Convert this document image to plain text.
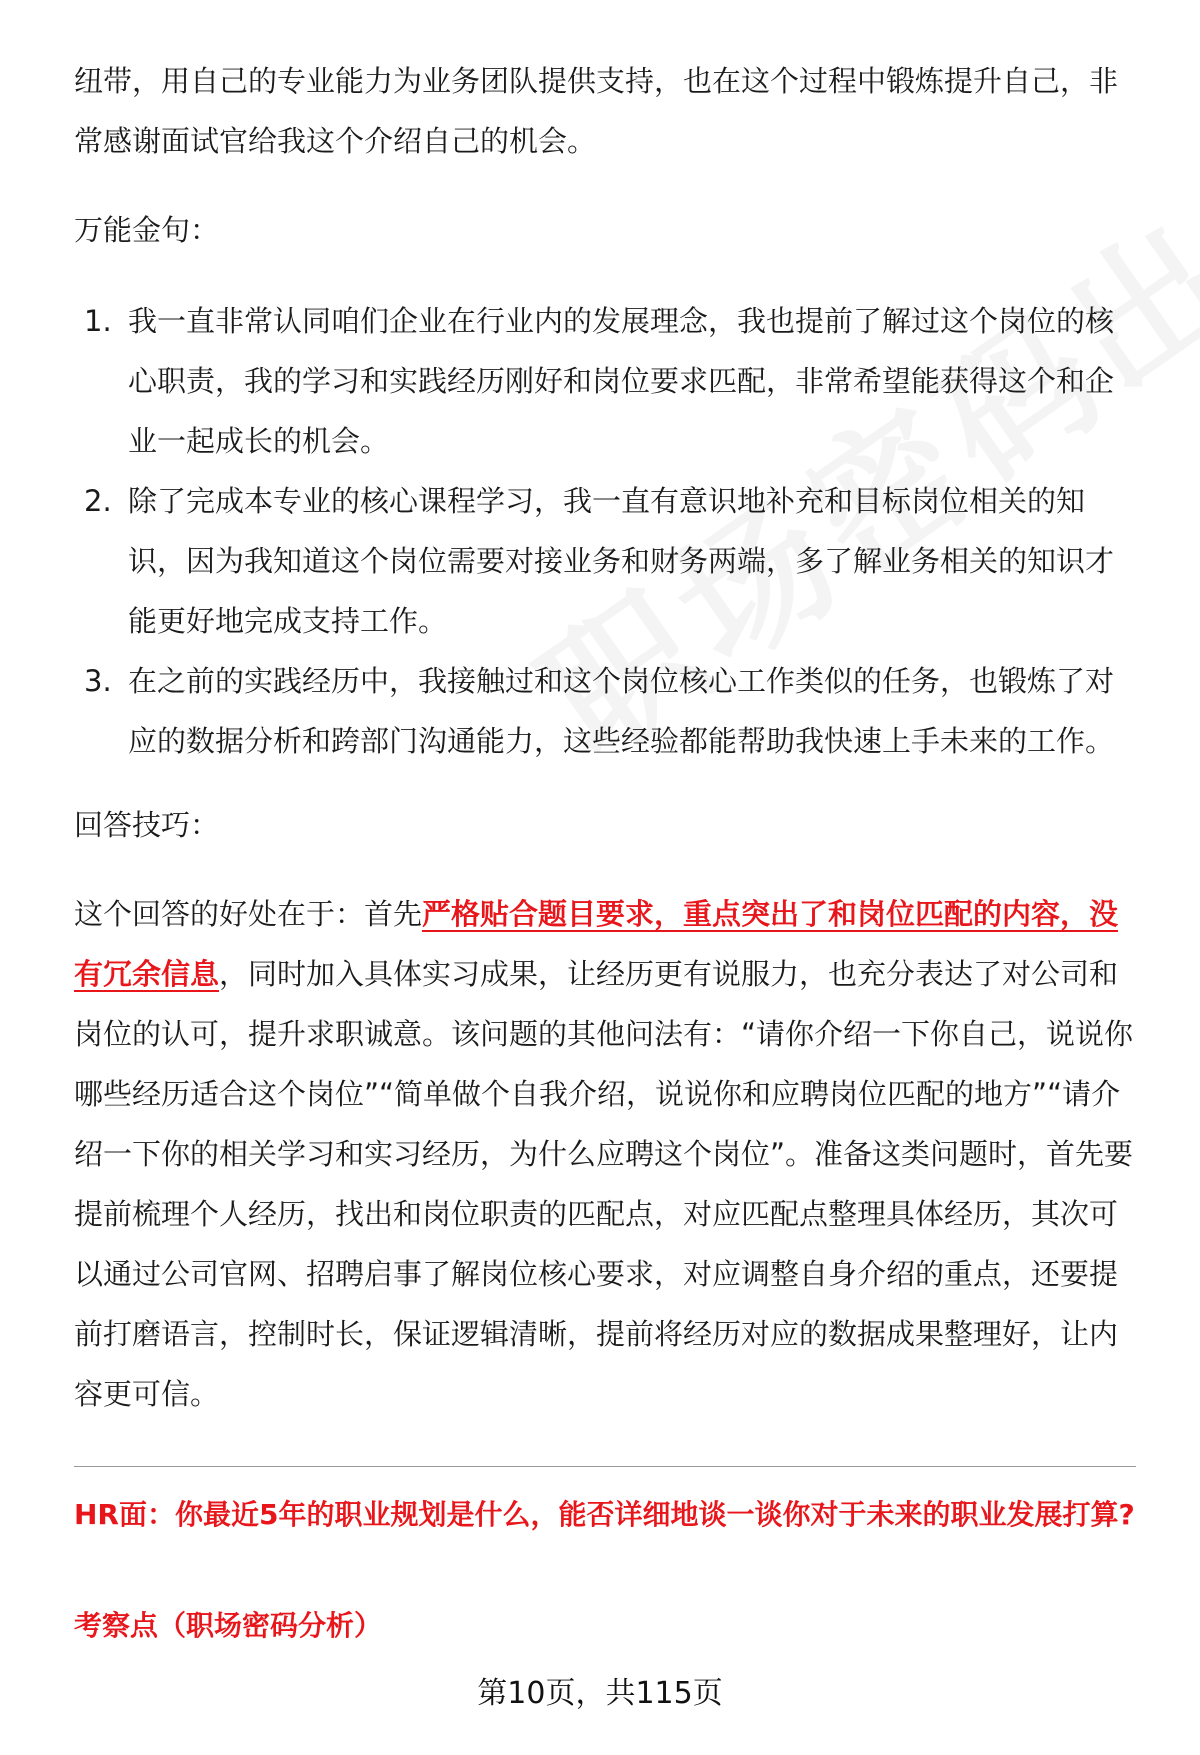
纽带，用自己的专业能力为业务团队提供支持，也在这个过程中锻炼提升自己，非常感谢面试官给我这个介绍自己的机会。

万能金句：

1. 我一直非常认同咱们企业在行业内的发展理念，我也提前了解过这个岗位的核心职责，我的学习和实践经历刚好和岗位要求匹配，非常希望能获得这个和企业一起成长的机会。
2. 除了完成本专业的核心课程学习，我一直有意识地补充和目标岗位相关的知识，因为我知道这个岗位需要对接业务和财务两端，多了解业务相关的知识才能更好地完成支持工作。
3. 在之前的实践经历中，我接触过和这个岗位核心工作类似的任务，也锻炼了对应的数据分析和跨部门沟通能力，这些经验都能帮助我快速上手未来的工作。

回答技巧：

这个回答的好处在于：首先严格贴合题目要求，重点突出了和岗位匹配的内容，没有冗余信息，同时加入具体实习成果，让经历更有说服力，也充分表达了对公司和岗位的认可，提升求职诚意。该问题的其他问法有：“请你介绍一下你自己，说说你哪些经历适合这个岗位”“简单做个自我介绍，说说你和应聘岗位匹配的地方”“请介绍一下你的相关学习和实习经历，为什么应聘这个岗位”。准备这类问题时，首先要提前梳理个人经历，找出和岗位职责的匹配点，对应匹配点整理具体经历，其次可以通过公司官网、招聘启事了解岗位核心要求，对应调整自身介绍的重点，还要提前打磨语言，控制时长，保证逻辑清晰，提前将经历对应的数据成果整理好，让内容更可信。

HR面：你最近5年的职业规划是什么，能否详细地谈一谈你对于未来的职业发展打算?

考察点（职场密码分析）

第10页，共115页
